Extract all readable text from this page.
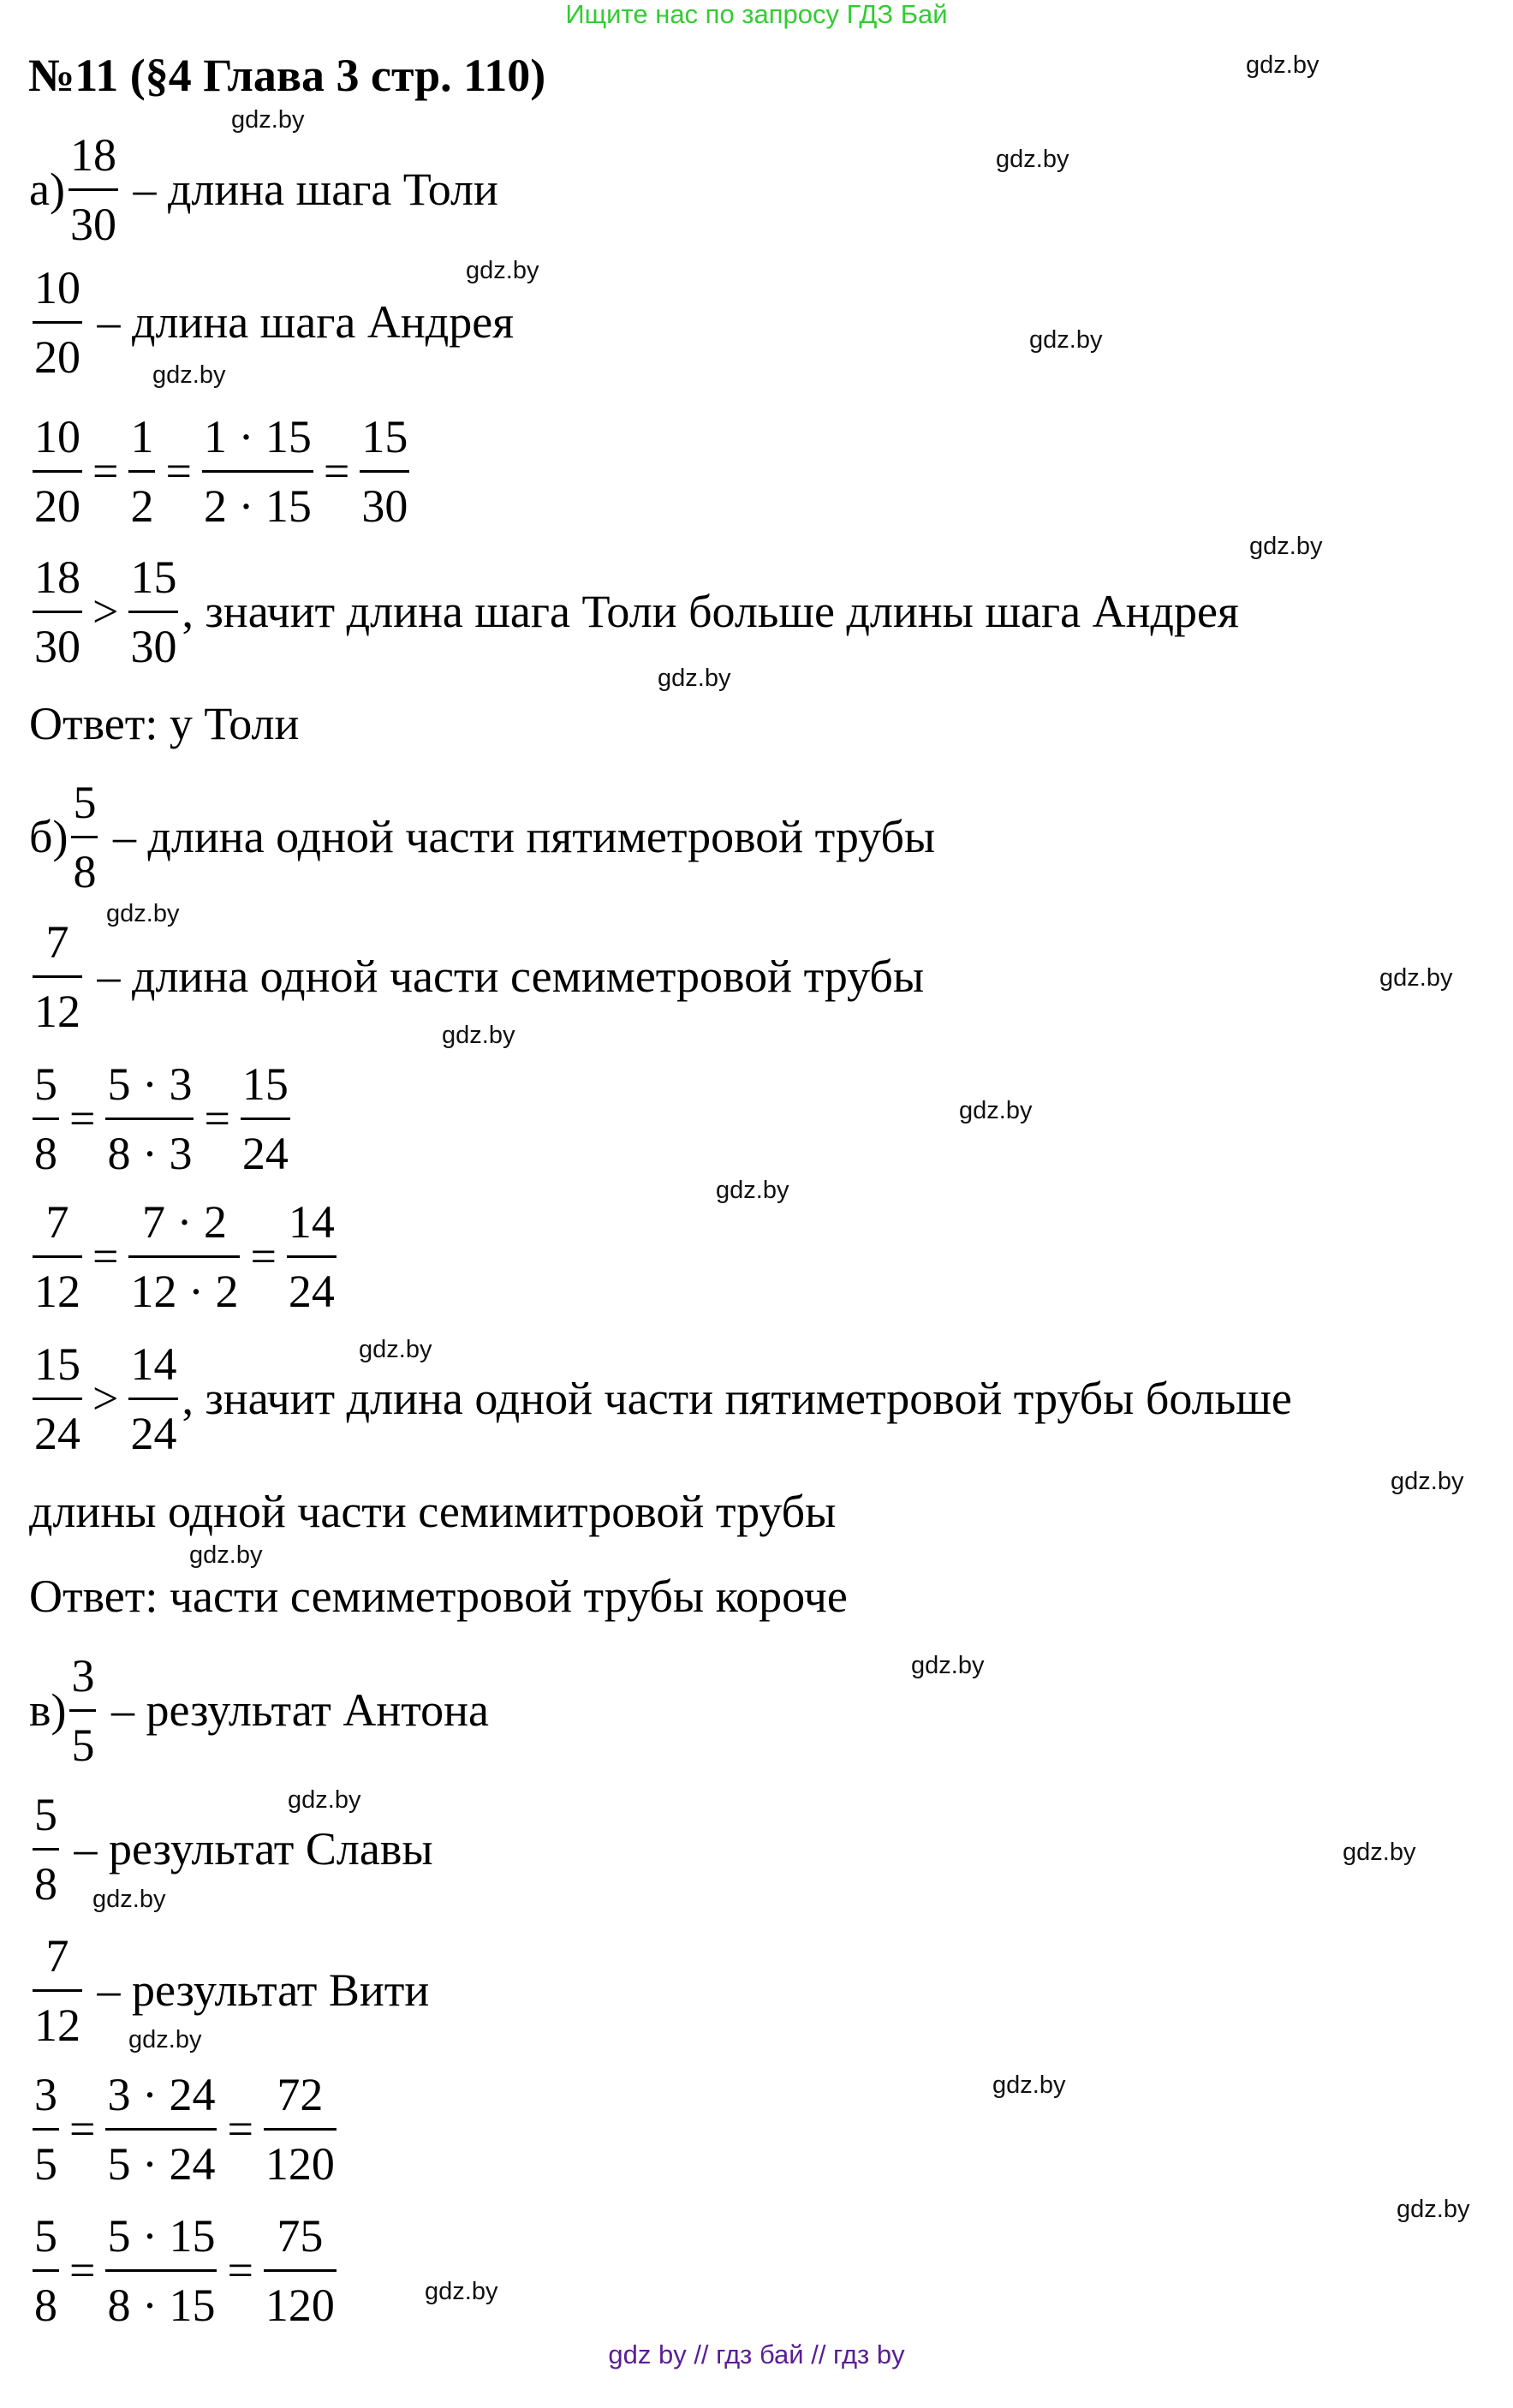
Ищите нас по запросу ГДЗ Бай
№11 (§4 Глава 3 стр. 110)
$а) \frac{18}{30}$ – длина шага Толи
$\frac{10}{20}$ – длина шага Андрея
$\frac{10}{20} = \frac{1}{2} = \frac{1 \cdot 15}{2 \cdot 15} = \frac{15}{30}$
$\frac{18}{30} > \frac{15}{30}$ , значит длина шага Толи больше длины шага Андрея
$б) \frac{5}{8}$ – длина одной части пятиметровой трубы
$\frac{7}{12}$ – длина одной части семиметровой трубы
$\frac{5}{8} = \frac{5 \cdot 3}{8 \cdot 3} = \frac{15}{24}$
$\frac{7}{12} = \frac{7 \cdot 2}{12 \cdot 2} = \frac{14}{24}$
$\frac{15}{24} > \frac{14}{24}$ , значит длина одной части пятиметровой трубы больше
$в) \frac{3}{5}$ – результат Антона
$\frac{5}{8}$ – результат Славы
$\frac{7}{12}$ – результат Вити
$\frac{3}{5} = \frac{3 \cdot 24}{5 \cdot 24} = \frac{72}{120}$
$\frac{5}{8} = \frac{5 \cdot 15}{8 \cdot 15} = \frac{75}{120}$
Ответ: у Толи
длины одной части семимитровой трубы
Ответ: части семиметровой трубы короче
gdz.by
gdz.by
gdz.by
gdz.by
gdz.by
gdz.by
gdz.by
gdz.by
gdz.by
gdz.by
gdz.by
gdz.by
gdz.by
gdz.by
gdz.by
gdz.by
gdz.by
gdz.by
gdz.by
gdz.by
gdz.by
gdz.by
gdz.by
gdz.by
gdz by // гдз бай // гдз by
